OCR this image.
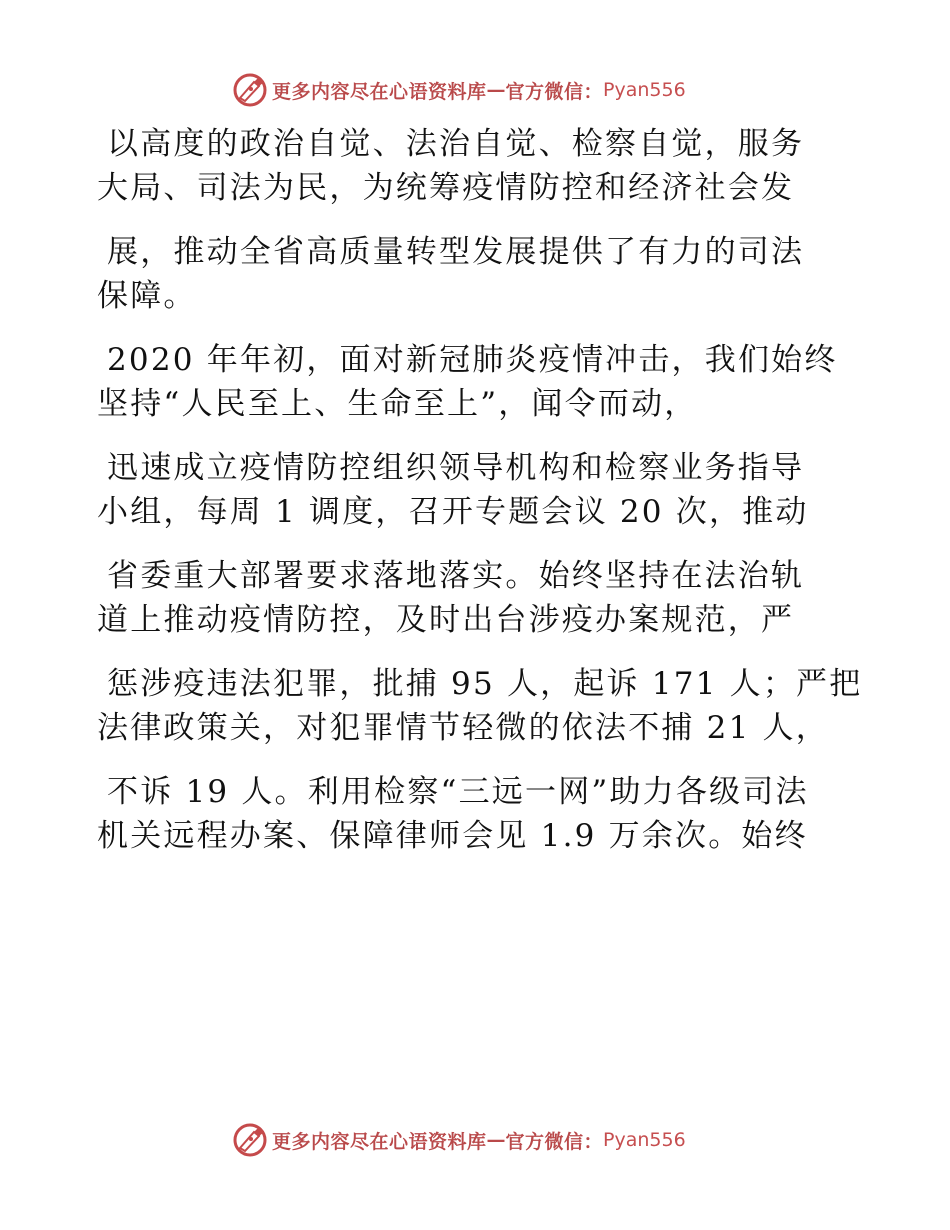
更多内容尽在心语资料库 — 官方微信： Pyan556
以高度的政治自觉、法治自觉、检察自觉，服务
大局、司法为民，为统筹疫情防控和经济社会发
展，推动全省高质量转型发展提供了有力的司法
保障。
2020 年年初，面对新冠肺炎疫情冲击，我们始终
坚持“人民至上、生命至上”，闻令而动，
迅速成立疫情防控组织领导机构和检察业务指导
小组，每周 1 调度，召开专题会议 20 次，推动
省委重大部署要求落地落实。始终坚持在法治轨
道上推动疫情防控，及时出台涉疫办案规范，严
惩涉疫违法犯罪，批捕 95 人，起诉 171 人；严把
法律政策关，对犯罪情节轻微的依法不捕 21 人，
不诉 19 人。利用检察“三远一网”助力各级司法
机关远程办案、保障律师会见 1.9 万余次。始终
更多内容尽在心语资料库 — 官方微信： Pyan556
